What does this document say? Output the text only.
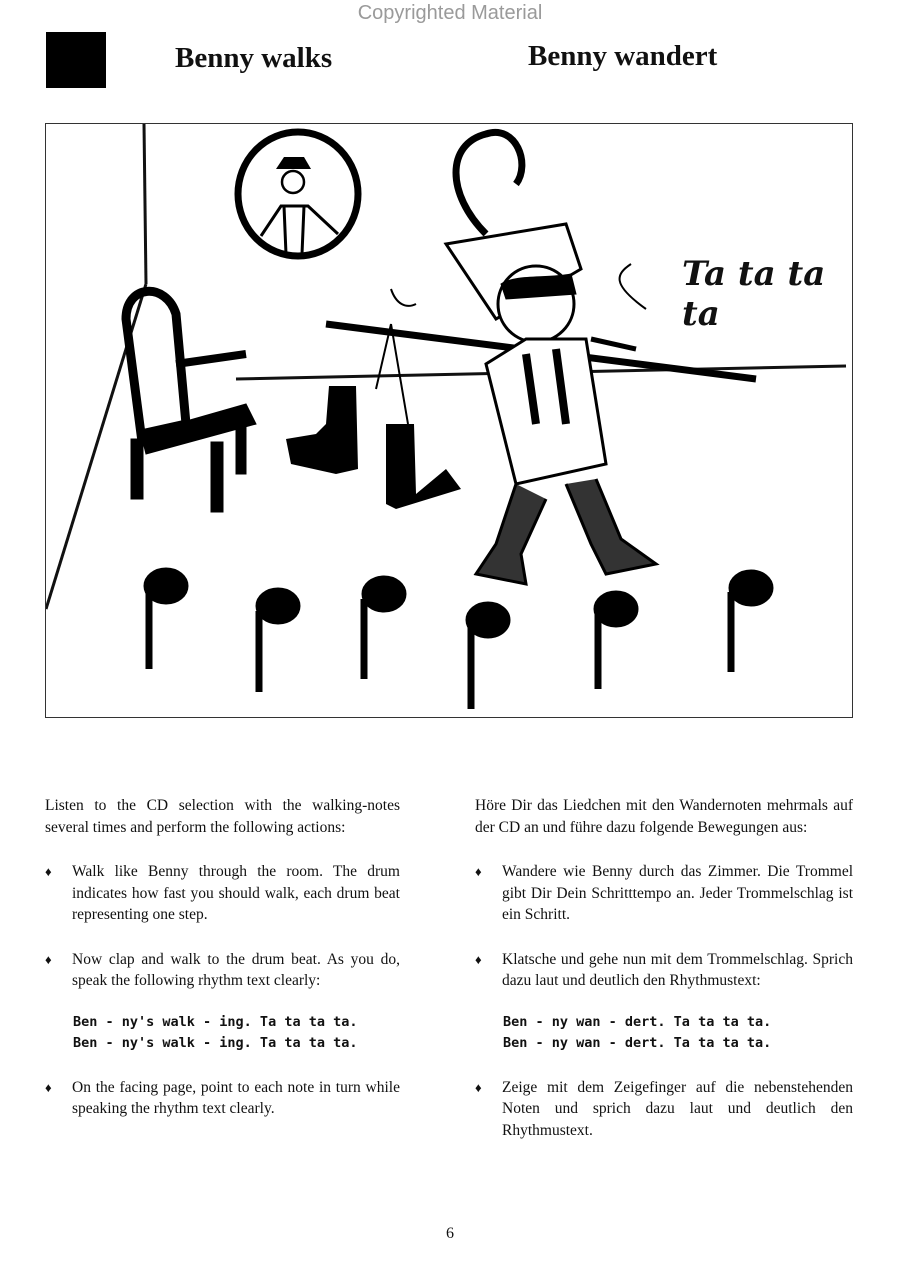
Copyrighted Material
Benny walks	Benny wandert
Ta ta ta ta

Listen to the CD selection with the walking-notes several times and perform the following actions:

♦ Walk like Benny through the room. The drum indicates how fast you should walk, each drum beat representing one step.
♦ Now clap and walk to the drum beat. As you do, speak the following rhythm text clearly:
Ben - ny's walk - ing. Ta ta ta ta.
Ben - ny's walk - ing. Ta ta ta ta.
♦ On the facing page, point to each note in turn while speaking the rhythm text clearly.

Höre Dir das Liedchen mit den Wandernoten mehrmals auf der CD an und führe dazu folgende Bewegungen aus:

♦ Wandere wie Benny durch das Zimmer. Die Trommel gibt Dir Dein Schritttempo an. Jeder Trommelschlag ist ein Schritt.
♦ Klatsche und gehe nun mit dem Trommelschlag. Sprich dazu laut und deutlich den Rhythmustext:
Ben - ny wan - dert. Ta ta ta ta.
Ben - ny wan - dert. Ta ta ta ta.
♦ Zeige mit dem Zeigefinger auf die nebenstehenden Noten und sprich dazu laut und deutlich den Rhythmustext.
6
